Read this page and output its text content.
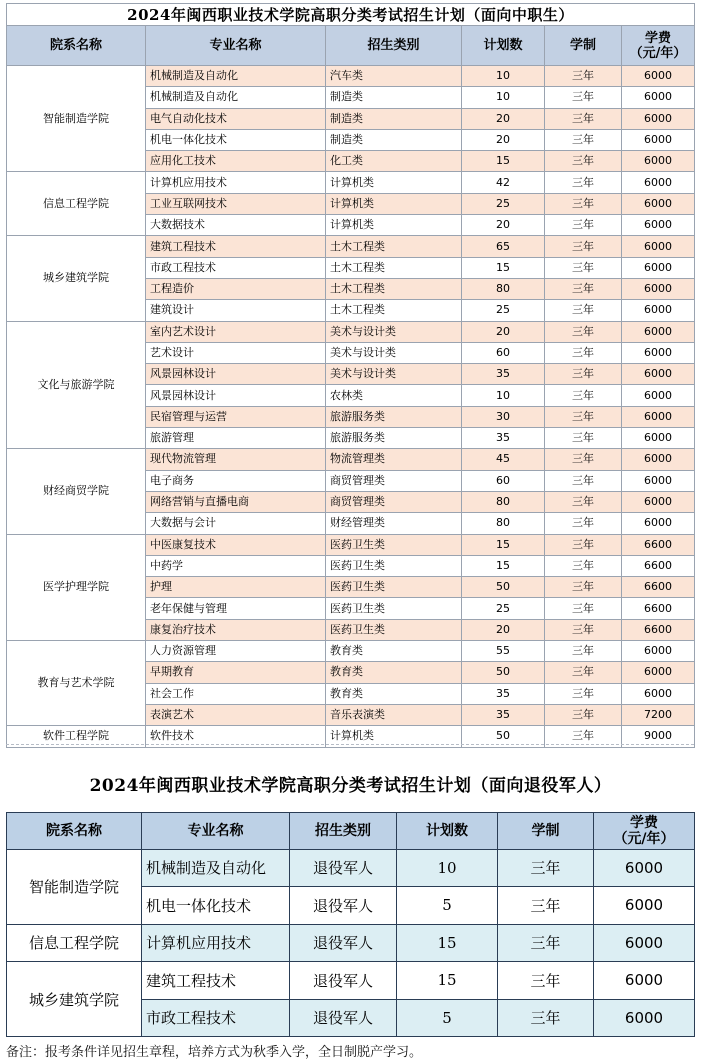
2024年闽西职业技术学院高职分类考试招生计划（面向中职生）					
院系名称	专业名称	招生类别	计划数	学制	学费
（元/年）
智能制造学院	机械制造及自动化	汽车类	10	三年	6000
	机械制造及自动化	制造类	10	三年	6000
	电气自动化技术	制造类	20	三年	6000
	机电一体化技术	制造类	20	三年	6000
	应用化工技术	化工类	15	三年	6000
信息工程学院	计算机应用技术	计算机类	42	三年	6000
	工业互联网技术	计算机类	25	三年	6000
	大数据技术	计算机类	20	三年	6000
城乡建筑学院	建筑工程技术	土木工程类	65	三年	6000
	市政工程技术	土木工程类	15	三年	6000
	工程造价	土木工程类	80	三年	6000
	建筑设计	土木工程类	25	三年	6000
文化与旅游学院	室内艺术设计	美术与设计类	20	三年	6000
	艺术设计	美术与设计类	60	三年	6000
	风景园林设计	美术与设计类	35	三年	6000
	风景园林设计	农林类	10	三年	6000
	民宿管理与运营	旅游服务类	30	三年	6000
	旅游管理	旅游服务类	35	三年	6000
财经商贸学院	现代物流管理	物流管理类	45	三年	6000
	电子商务	商贸管理类	60	三年	6000
	网络营销与直播电商	商贸管理类	80	三年	6000
	大数据与会计	财经管理类	80	三年	6000
医学护理学院	中医康复技术	医药卫生类	15	三年	6600
	中药学	医药卫生类	15	三年	6600
	护理	医药卫生类	50	三年	6600
	老年保健与管理	医药卫生类	25	三年	6600
	康复治疗技术	医药卫生类	20	三年	6600
教育与艺术学院	人力资源管理	教育类	55	三年	6000
	早期教育	教育类	50	三年	6000
	社会工作	教育类	35	三年	6000
	表演艺术	音乐表演类	35	三年	7200
软件工程学院	软件技术	计算机类	50	三年	9000
2024年闽西职业技术学院高职分类考试招生计划（面向退役军人）					
院系名称	专业名称	招生类别	计划数	学制	学费
（元/年）
智能制造学院	机械制造及自动化	退役军人	10	三年	6000
	机电一体化技术	退役军人	5	三年	6000
信息工程学院	计算机应用技术	退役军人	15	三年	6000
城乡建筑学院	建筑工程技术	退役军人	15	三年	6000
	市政工程技术	退役军人	5	三年	6000
备注：报考条件详见招生章程，培养方式为秋季入学，全日制脱产学习。
